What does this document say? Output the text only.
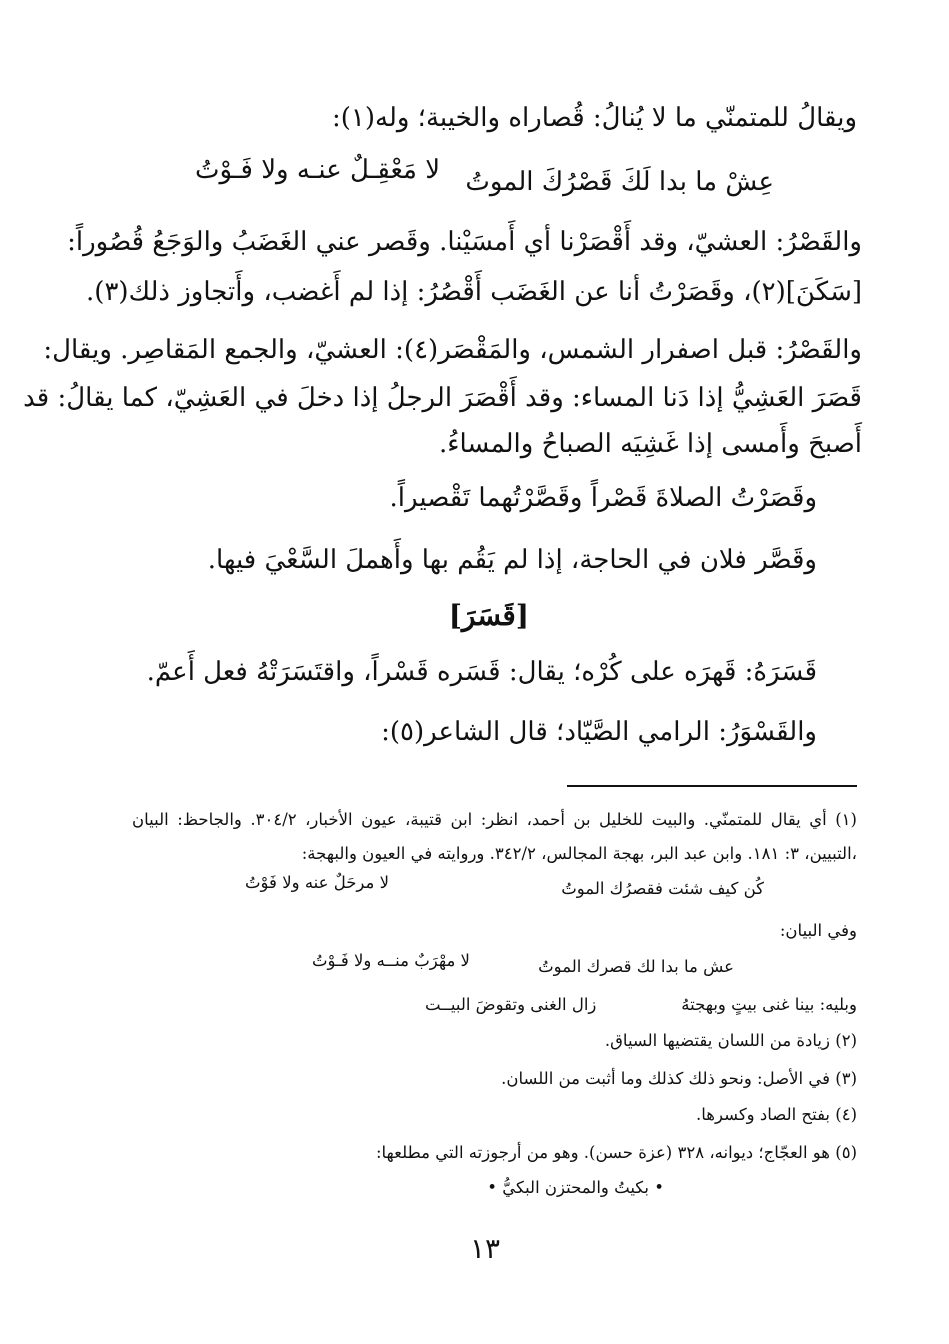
ويقالُ للمتمنّي ما لا يُنالُ: قُصاراه والخيبة؛ وله(١):
عِشْ ما بدا لَكَ قَصْرُكَ الموتُ
لا مَعْقِـلٌ عنـه ولا فَـوْتُ
والقَصْرُ: العشيّ، وقد أَقْصَرْنا أي أَمسَيْنا. وقَصر عني الغَضَبُ والوَجَعُ قُصُوراً:
[سَكَنَ](٢)، وقَصَرْتُ أنا عن الغَضَب أَقْصُرُ: إذا لم أَغضب، وأَتجاوز ذلك(٣).
والقَصْرُ: قبل اصفرار الشمس، والمَقْصَر(٤): العشيّ، والجمع المَقاصِر. ويقال:
قَصَرَ العَشِيُّ إذا دَنا المساء: وقد أَقْصَرَ الرجلُ إذا دخلَ في العَشِيّ، كما يقالُ: قد
أَصبحَ وأَمسى إذا غَشِيَه الصباحُ والمساءُ.
وقَصَرْتُ الصلاةَ قَصْراً وقَصَّرْتُهما تَقْصيراً.
وقَصَّر فلان في الحاجة، إذا لم يَقُم بها وأَهملَ السَّعْيَ فيها.
[قَسَرَ]
قَسَرَهُ: قَهرَه على كُرْه؛ يقال: قَسَره قَسْراً، واقتَسَرَتْهُ فعل أَعمّ.
والقَسْوَرُ: الرامي الصَّيّاد؛ قال الشاعر(٥):
(١) أي يقال للمتمنّي. والبيت للخليل بن أحمد، انظر: ابن قتيبة، عيون الأخبار، ٣٠٤/٢. والجاحظ: البيان
،التبيين، ٣: ١٨١. وابن عبد البر، بهجة المجالس، ٣٤٢/٢. وروايته في العيون والبهجة:
كُن كيف شئت فقصرُك الموتُ
لا مرحَلٌ عنه ولا فَوْتُ
وفي البيان:
عش ما بدا لك قصرك الموتُ
لا مهْرَبٌ منــه ولا فَـوْتُ
وبليه: بينا غنى بيتٍ وبهجتهُ
زال الغنى وتقوضَ البيــت
(٢) زيادة من اللسان يقتضيها السياق.
(٣) في الأصل: ونحو ذلك كذلك وما أثبت من اللسان.
(٤) بفتح الصاد وكسرها.
(٥) هو العجّاج؛ ديوانه، ٣٢٨ (عزة حسن). وهو من أرجوزته التي مطلعها:
• بكيتُ والمحتزن البكيُّ •
١٣
